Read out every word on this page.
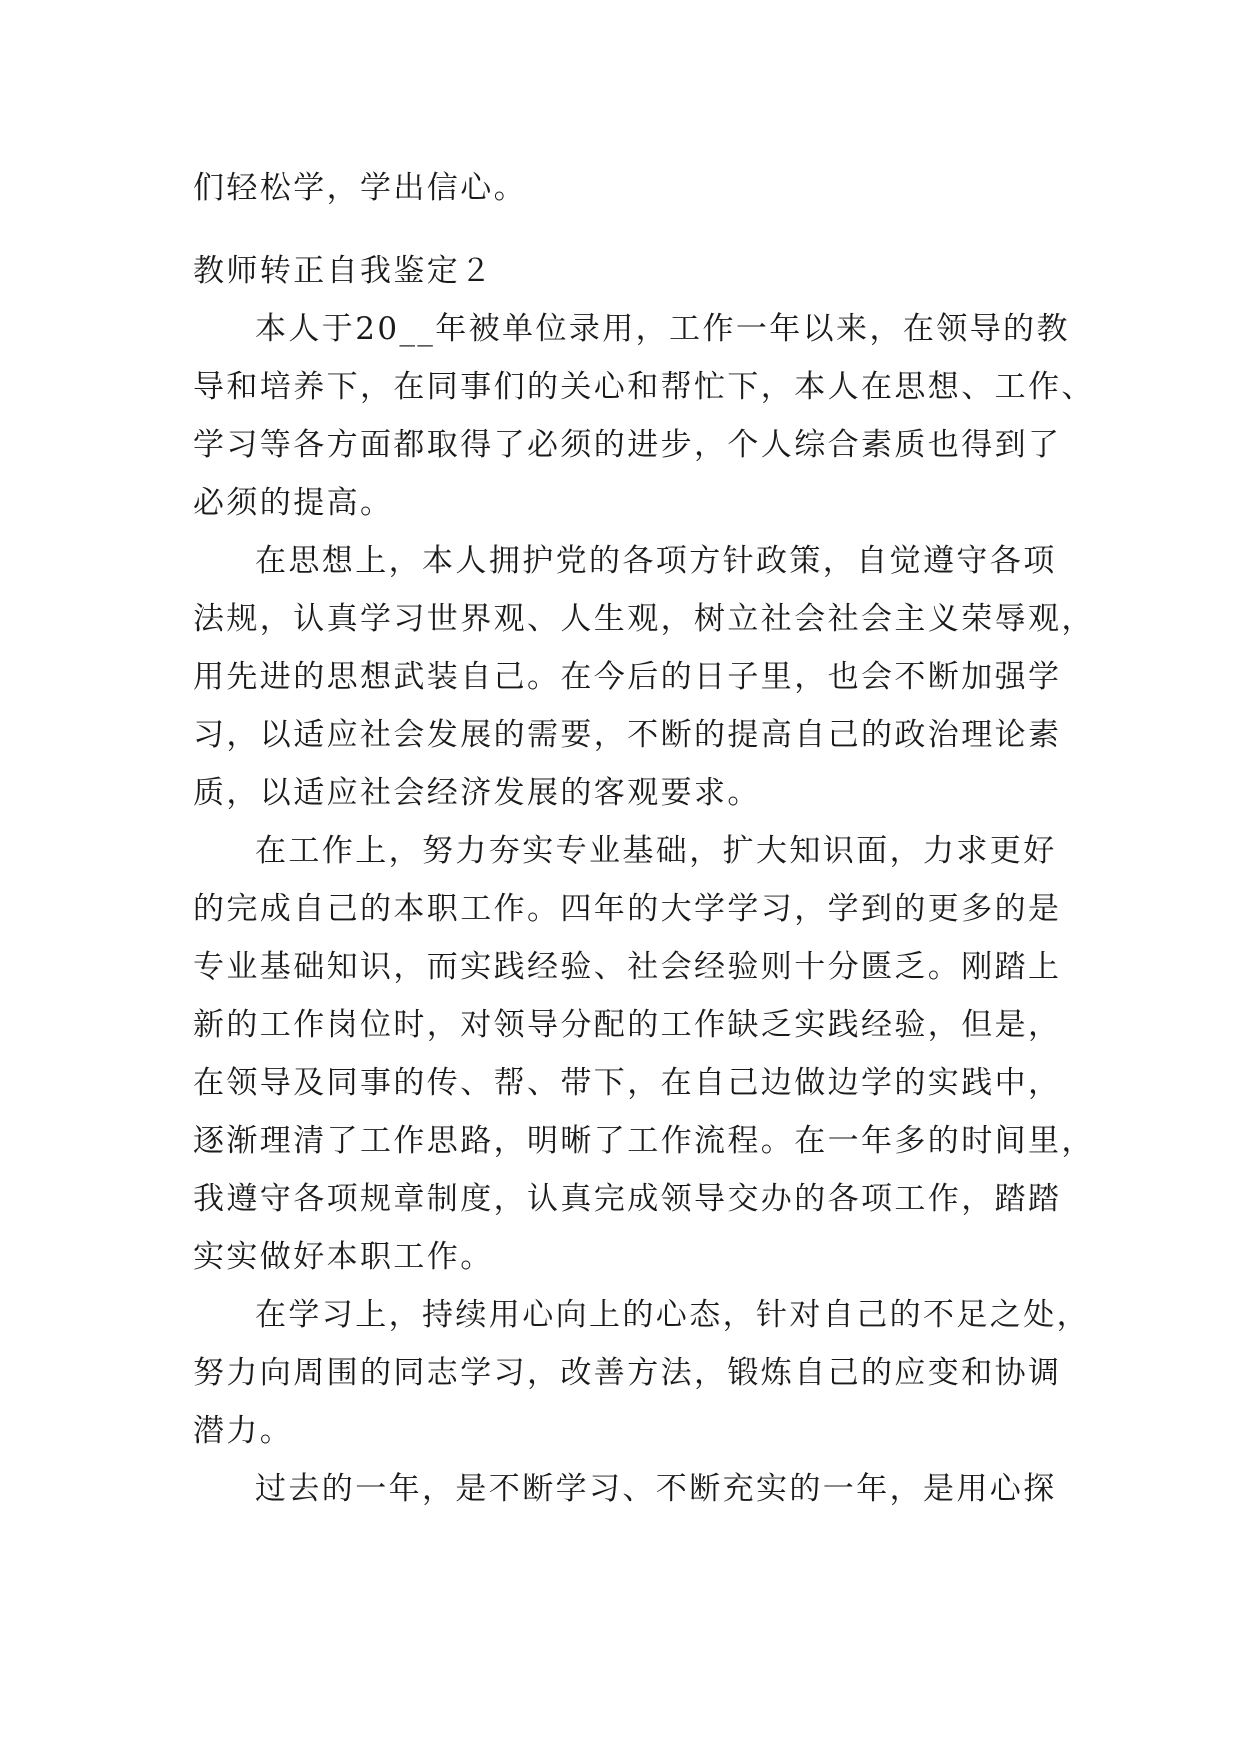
们轻松学，学出信心。

教师转正自我鉴定２

本人于20__年被单位录用，工作一年以来，在领导的教

导和培养下，在同事们的关心和帮忙下，本人在思想、工作、

学习等各方面都取得了必须的进步，个人综合素质也得到了

必须的提高。

在思想上，本人拥护党的各项方针政策，自觉遵守各项

法规，认真学习世界观、人生观，树立社会社会主义荣辱观，

用先进的思想武装自己。在今后的日子里，也会不断加强学

习，以适应社会发展的需要，不断的提高自己的政治理论素

质，以适应社会经济发展的客观要求。

在工作上，努力夯实专业基础，扩大知识面，力求更好

的完成自己的本职工作。四年的大学学习，学到的更多的是

专业基础知识，而实践经验、社会经验则十分匮乏。刚踏上

新的工作岗位时，对领导分配的工作缺乏实践经验，但是，

在领导及同事的传、帮、带下，在自己边做边学的实践中，

逐渐理清了工作思路，明晰了工作流程。在一年多的时间里，

我遵守各项规章制度，认真完成领导交办的各项工作，踏踏

实实做好本职工作。

在学习上，持续用心向上的心态，针对自己的不足之处，

努力向周围的同志学习，改善方法，锻炼自己的应变和协调

潜力。

过去的一年，是不断学习、不断充实的一年，是用心探
